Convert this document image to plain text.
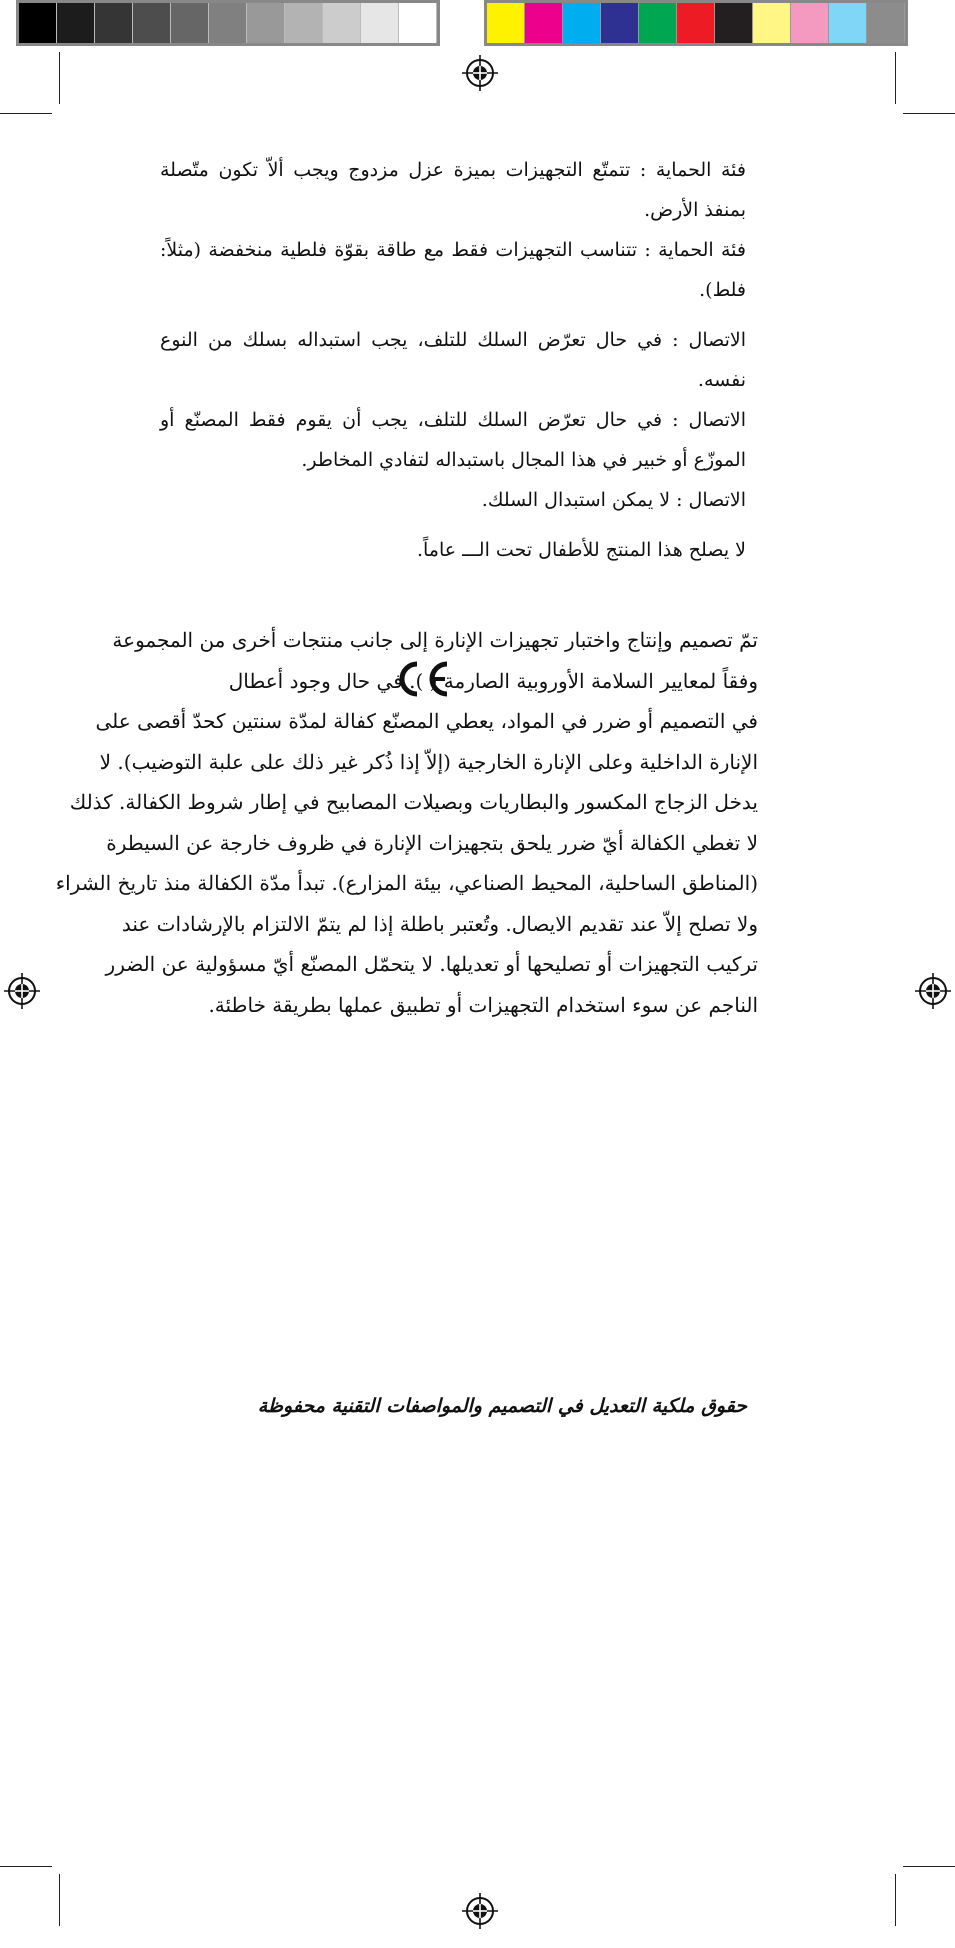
فئة الحماية : تتمتّع التجهيزات بميزة عزل مزدوج ويجب ألاّ تكون متّصلة بمنفذ الأرض.

فئة الحماية : تتناسب التجهيزات فقط مع طاقة بقوّة فلطية منخفضة (مثلاً: فلط).

الاتصال : في حال تعرّض السلك للتلف، يجب استبداله بسلك من النوع نفسه.

الاتصال : في حال تعرّض السلك للتلف، يجب أن يقوم فقط المصنّع أو الموزّع أو خبير في هذا المجال باستبداله لتفادي المخاطر.

الاتصال : لا يمكن استبدال السلك.

لا يصلح هذا المنتج للأطفال تحت الـــ عاماً.

تمّ تصميم وإنتاج واختبار تجهيزات الإنارة إلى جانب منتجات أخرى من المجموعة

وفقاً لمعايير السلامة الأوروبية الصارمة ( ). في حال وجود أعطال

في التصميم أو ضرر في المواد، يعطي المصنّع كفالة لمدّة سنتين كحدّ أقصى على

الإنارة الداخلية وعلى الإنارة الخارجية (إلاّ إذا ذُكر غير ذلك على علبة التوضيب). لا

يدخل الزجاج المكسور والبطاريات وبصيلات المصابيح في إطار شروط الكفالة. كذلك

لا تغطي الكفالة أيّ ضرر يلحق بتجهيزات الإنارة في ظروف خارجة عن السيطرة

(المناطق الساحلية، المحيط الصناعي، بيئة المزارع). تبدأ مدّة الكفالة منذ تاريخ الشراء

ولا تصلح إلاّ عند تقديم الايصال. وتُعتبر باطلة إذا لم يتمّ الالتزام بالإرشادات عند

تركيب التجهيزات أو تصليحها أو تعديلها. لا يتحمّل المصنّع أيّ مسؤولية عن الضرر

الناجم عن سوء استخدام التجهيزات أو تطبيق عملها بطريقة خاطئة.

حقوق ملكية التعديل في التصميم والمواصفات التقنية محفوظة
